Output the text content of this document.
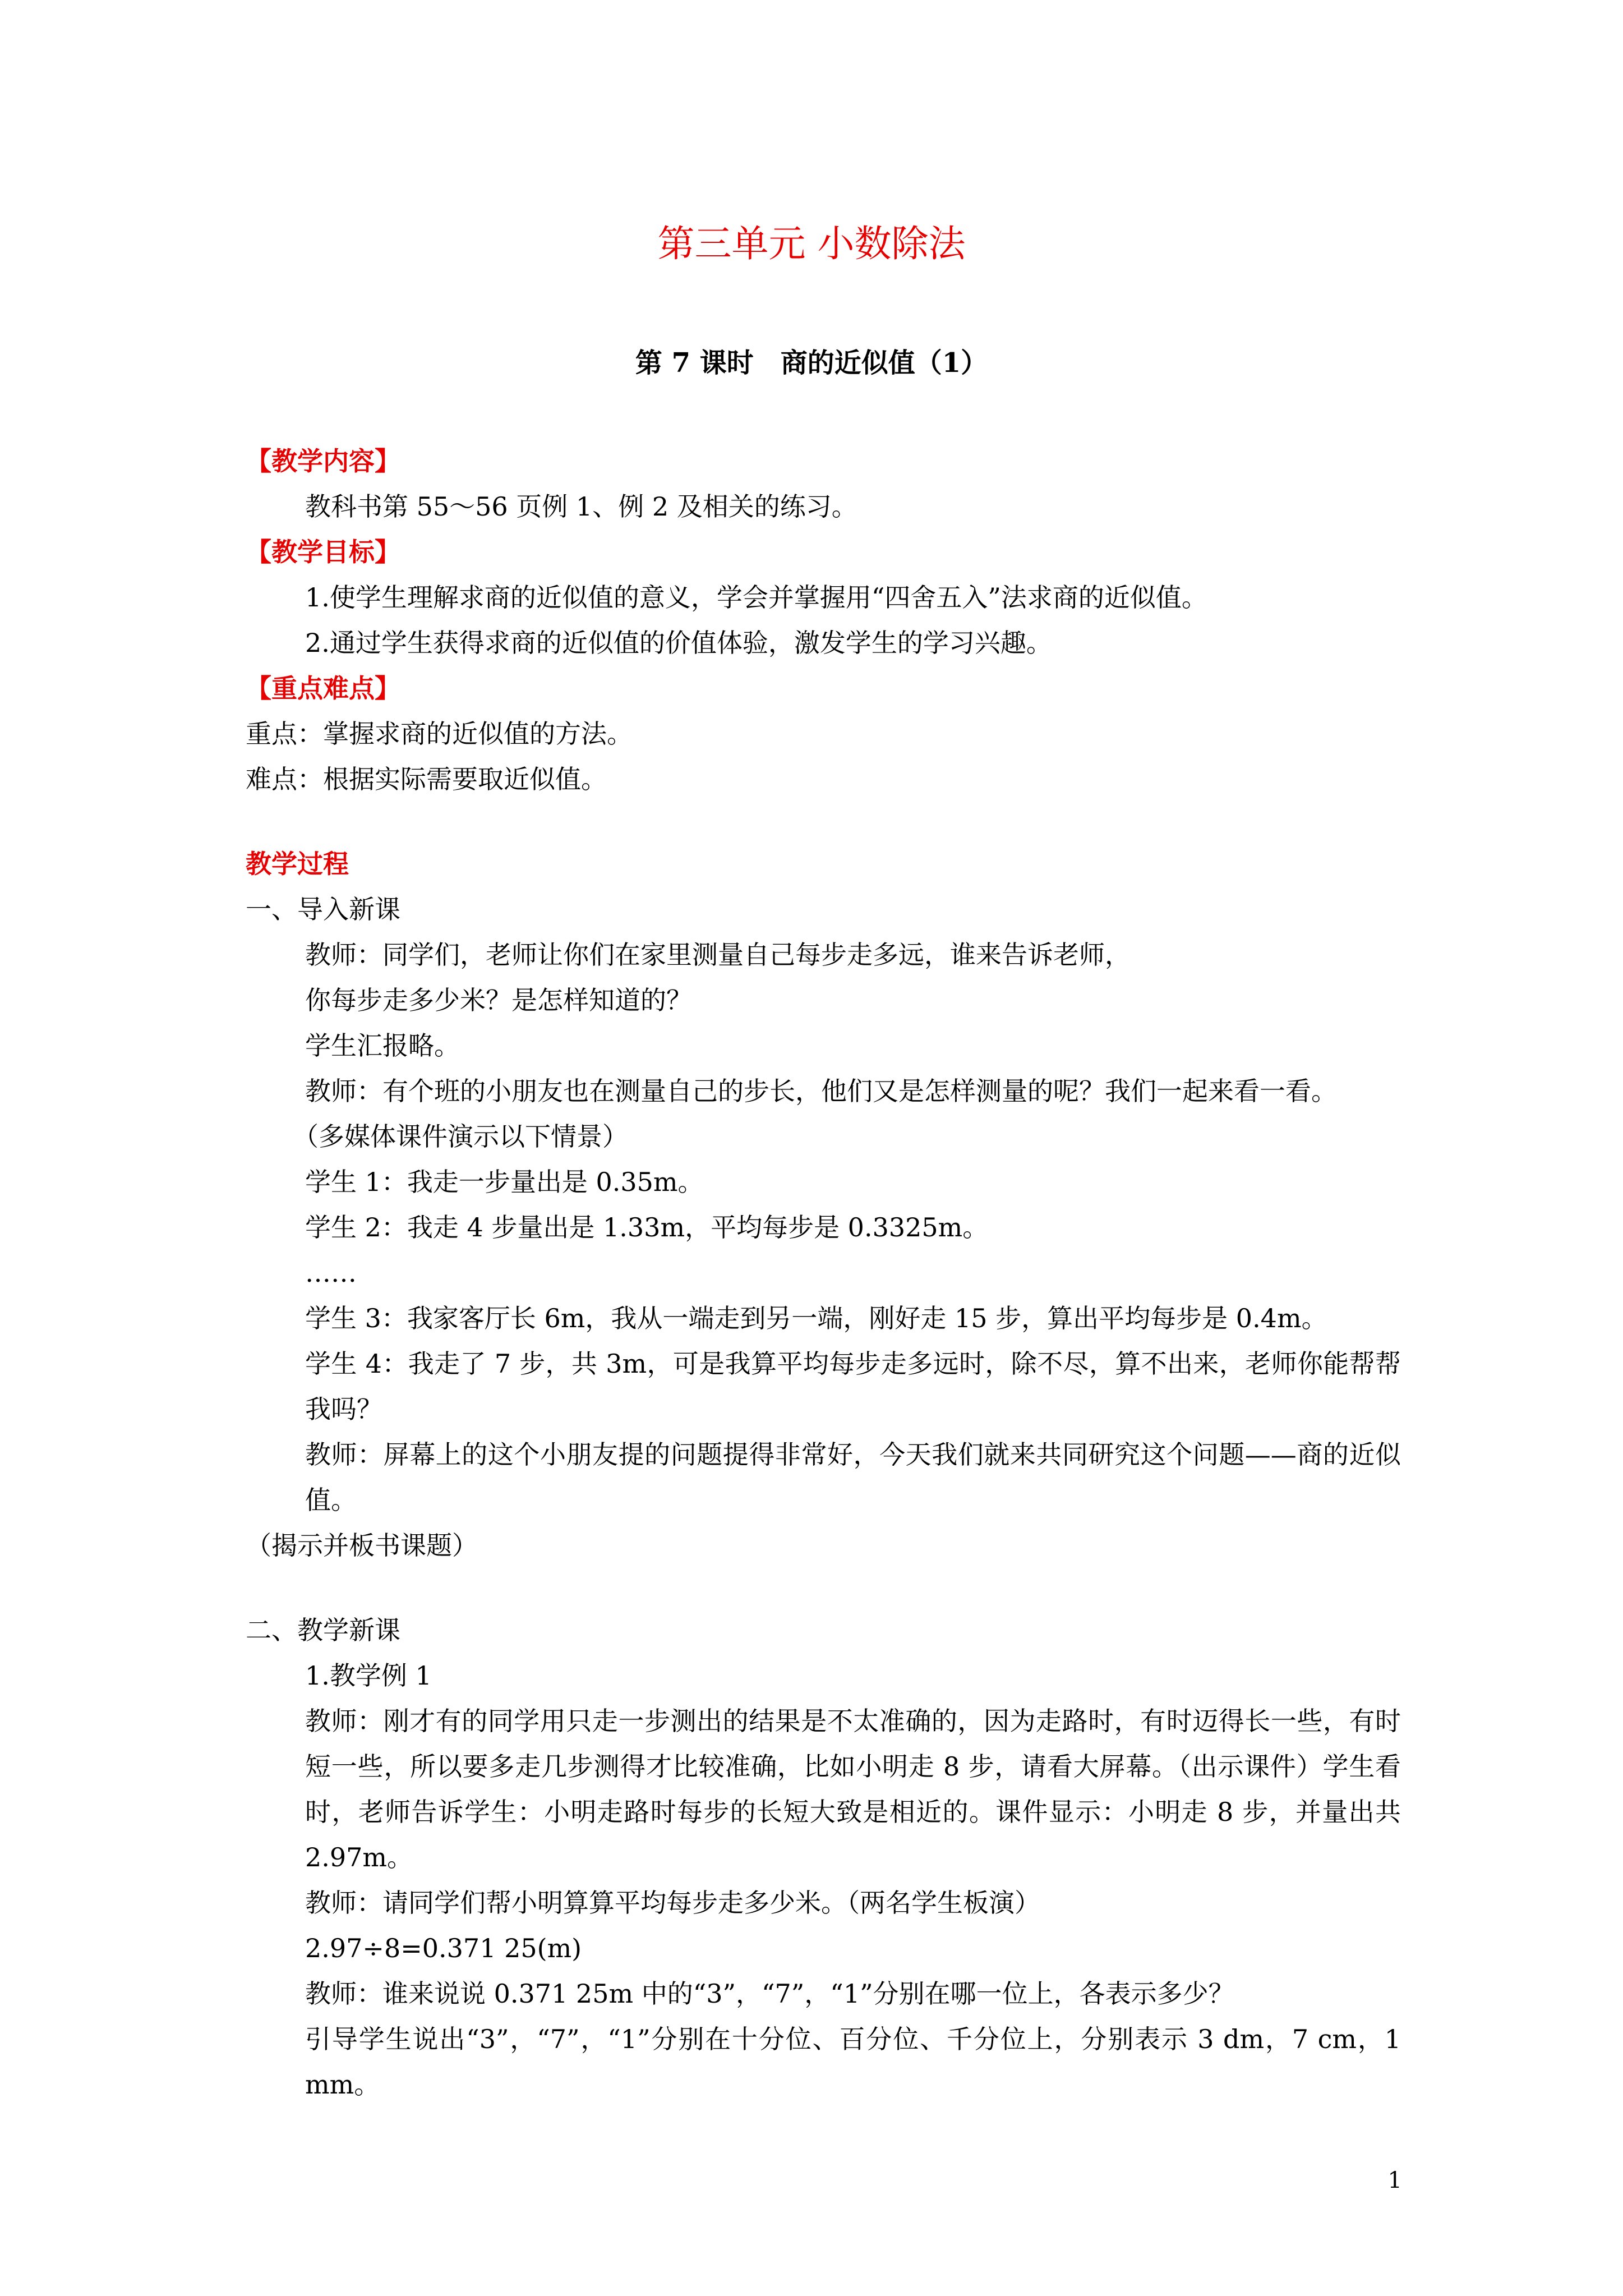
第三单元 小数除法
第 7 课时　商的近似值（1）

【教学内容】

教科书第 55～56 页例 1、例 2 及相关的练习。

【教学目标】

1.使学生理解求商的近似值的意义，学会并掌握用“四舍五入”法求商的近似值。

2.通过学生获得求商的近似值的价值体验，激发学生的学习兴趣。

【重点难点】

重点：掌握求商的近似值的方法。

难点：根据实际需要取近似值。

教学过程

一、导入新课

教师：同学们，老师让你们在家里测量自己每步走多远，谁来告诉老师，

你每步走多少米？是怎样知道的？

学生汇报略。

教师：有个班的小朋友也在测量自己的步长，他们又是怎样测量的呢？我们一起来看一看。

（多媒体课件演示以下情景）

学生 1：我走一步量出是 0.35m。

学生 2：我走 4 步量出是 1.33m，平均每步是 0.3325m。

……

学生 3：我家客厅长 6m，我从一端走到另一端，刚好走 15 步，算出平均每步是 0.4m。

学生 4：我走了 7 步，共 3m，可是我算平均每步走多远时，除不尽，算不出来，老师你能帮帮我吗？

教师：屏幕上的这个小朋友提的问题提得非常好，今天我们就来共同研究这个问题——商的近似值。

（揭示并板书课题）

二、教学新课

1.教学例 1

教师：刚才有的同学用只走一步测出的结果是不太准确的，因为走路时，有时迈得长一些，有时短一些，所以要多走几步测得才比较准确，比如小明走 8 步，请看大屏幕。（出示课件）学生看时，老师告诉学生：小明走路时每步的长短大致是相近的。课件显示：小明走 8 步，并量出共 2.97m。

教师：请同学们帮小明算算平均每步走多少米。（两名学生板演）

2.97÷8=0.371 25(m)

教师：谁来说说 0.371 25m 中的“3”，“7”，“1”分别在哪一位上，各表示多少？

引导学生说出“3”，“7”，“1”分别在十分位、百分位、千分位上，分别表示 3 dm，7 cm，1 mm。

1
